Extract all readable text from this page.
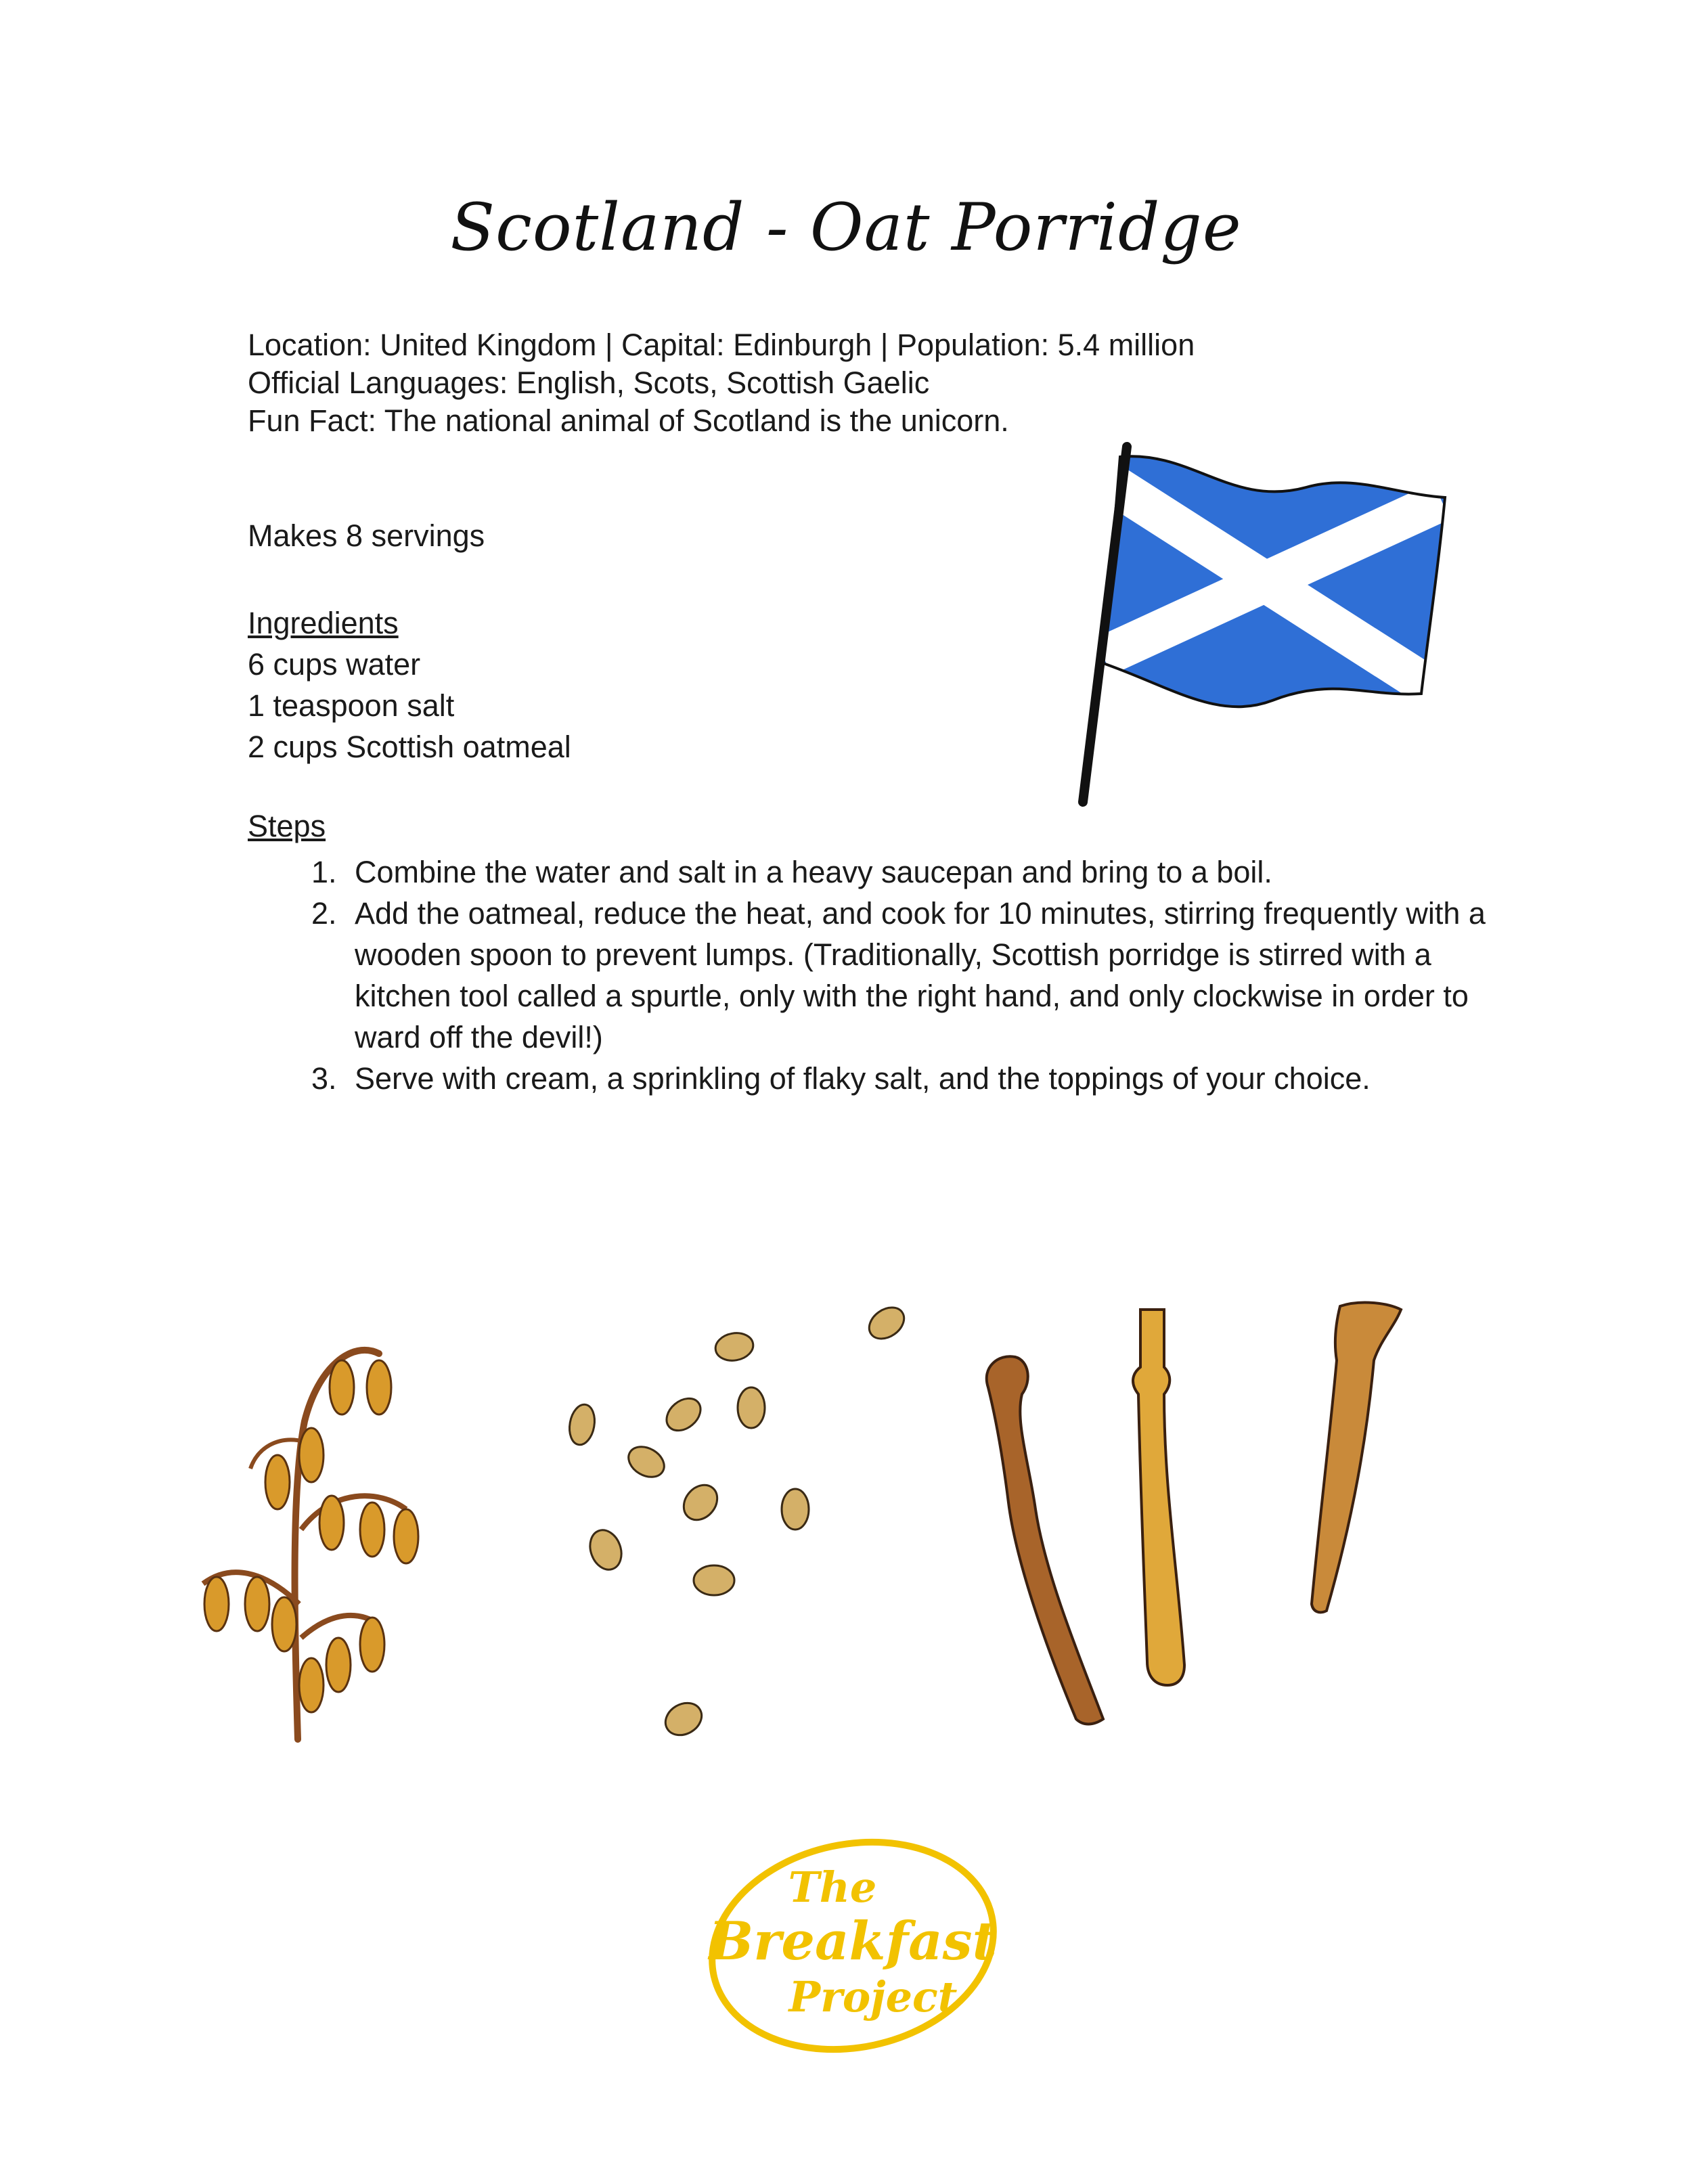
Scotland - Oat Porridge
Location: United Kingdom | Capital: Edinburgh | Population: 5.4 million
Official Languages: English, Scots, Scottish Gaelic
Fun Fact: The national animal of Scotland is the unicorn.
Makes 8 servings
Ingredients
6 cups water
1 teaspoon salt
2 cups Scottish oatmeal
Steps
1. Combine the water and salt in a heavy saucepan and bring to a boil.
2. Add the oatmeal, reduce the heat, and cook for 10 minutes, stirring frequently with a wooden spoon to prevent lumps. (Traditionally, Scottish porridge is stirred with a kitchen tool called a spurtle, only with the right hand, and only clockwise in order to ward off the devil!)
3. Serve with cream, a sprinkling of flaky salt, and the toppings of your choice.
The
Breakfast
Project
